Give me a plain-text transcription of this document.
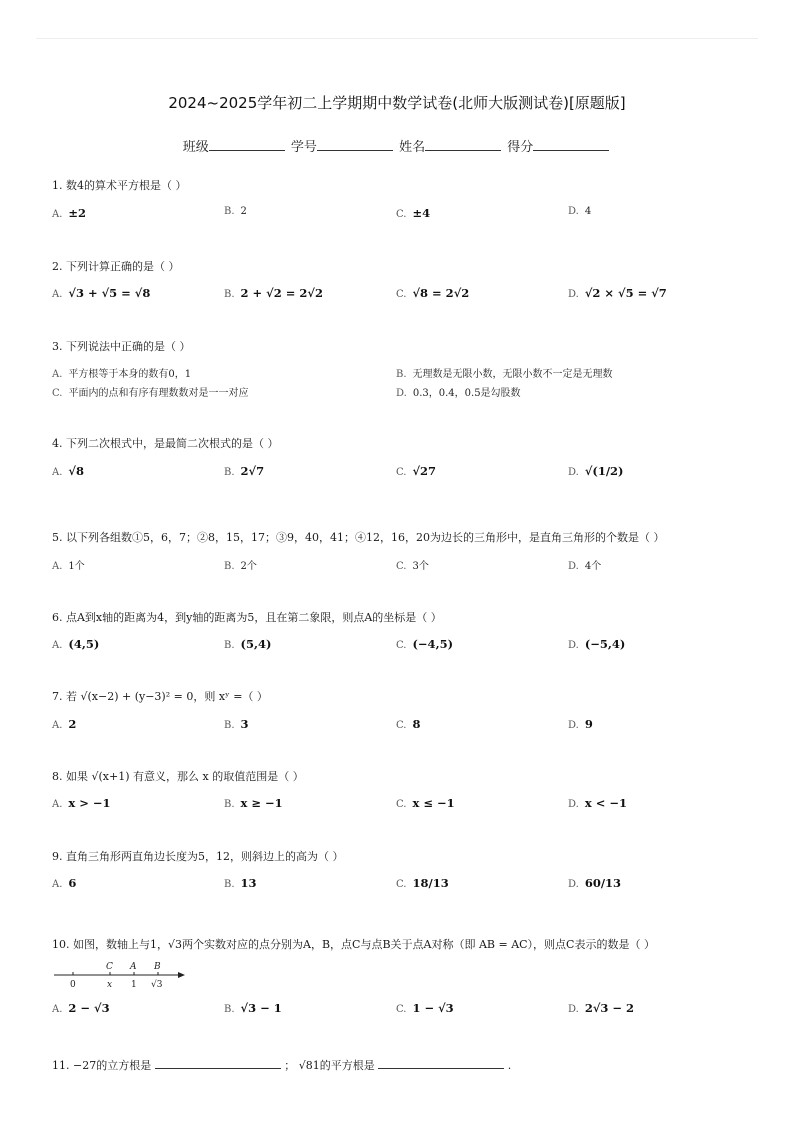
2024~2025学年初二上学期期中数学试卷(北师大版测试卷)[原题版]
班级	学号	姓名	得分
1. 数4的算术平方根是（ ）
A. ±2	B. 2	C. ±4	D. 4
2. 下列计算正确的是（ ）
A. √3 + √5 = √8	B. 2 + √2 = 2√2	C. √8 = 2√2	D. √2 × √5 = √7
3. 下列说法中正确的是（ ）
A. 平方根等于本身的数有0，1	B. 无理数是无限小数，无限小数不一定是无理数
C. 平面内的点和有序有理数数对是一一对应	D. 0.3，0.4，0.5是勾股数
4. 下列二次根式中，是最简二次根式的是（ ）
A. √8	B. 2√7	C. √27	D. √(1/2)
5. 以下列各组数①5，6，7；②8，15，17；③9，40，41；④12，16，20为边长的三角形中，是直角三角形的个数是（ ）
A. 1个	B. 2个	C. 3个	D. 4个
6. 点A到x轴的距离为4，到y轴的距离为5，且在第二象限，则点A的坐标是（ ）
A. (4,5)	B. (5,4)	C. (−4,5)	D. (−5,4)
7. 若 √(x−2) + (y−3)² = 0，则 xʸ =（ ）
A. 2	B. 3	C. 8	D. 9
8. 如果 √(x+1) 有意义，那么 x 的取值范围是（ ）
A. x > −1	B. x ≥ −1	C. x ≤ −1	D. x < −1
9. 直角三角形两直角边长度为5，12，则斜边上的高为（ ）
A. 6	B. 13	C. 18/13	D. 60/13
10. 如图，数轴上与1，√3两个实数对应的点分别为A，B，点C与点B关于点A对称（即 AB = AC），则点C表示的数是（ ）
C A B
0	x 1 √3
A. 2 − √3	B. √3 − 1	C. 1 − √3	D. 2√3 − 2
11. −27的立方根是	； √81的平方根是	.
